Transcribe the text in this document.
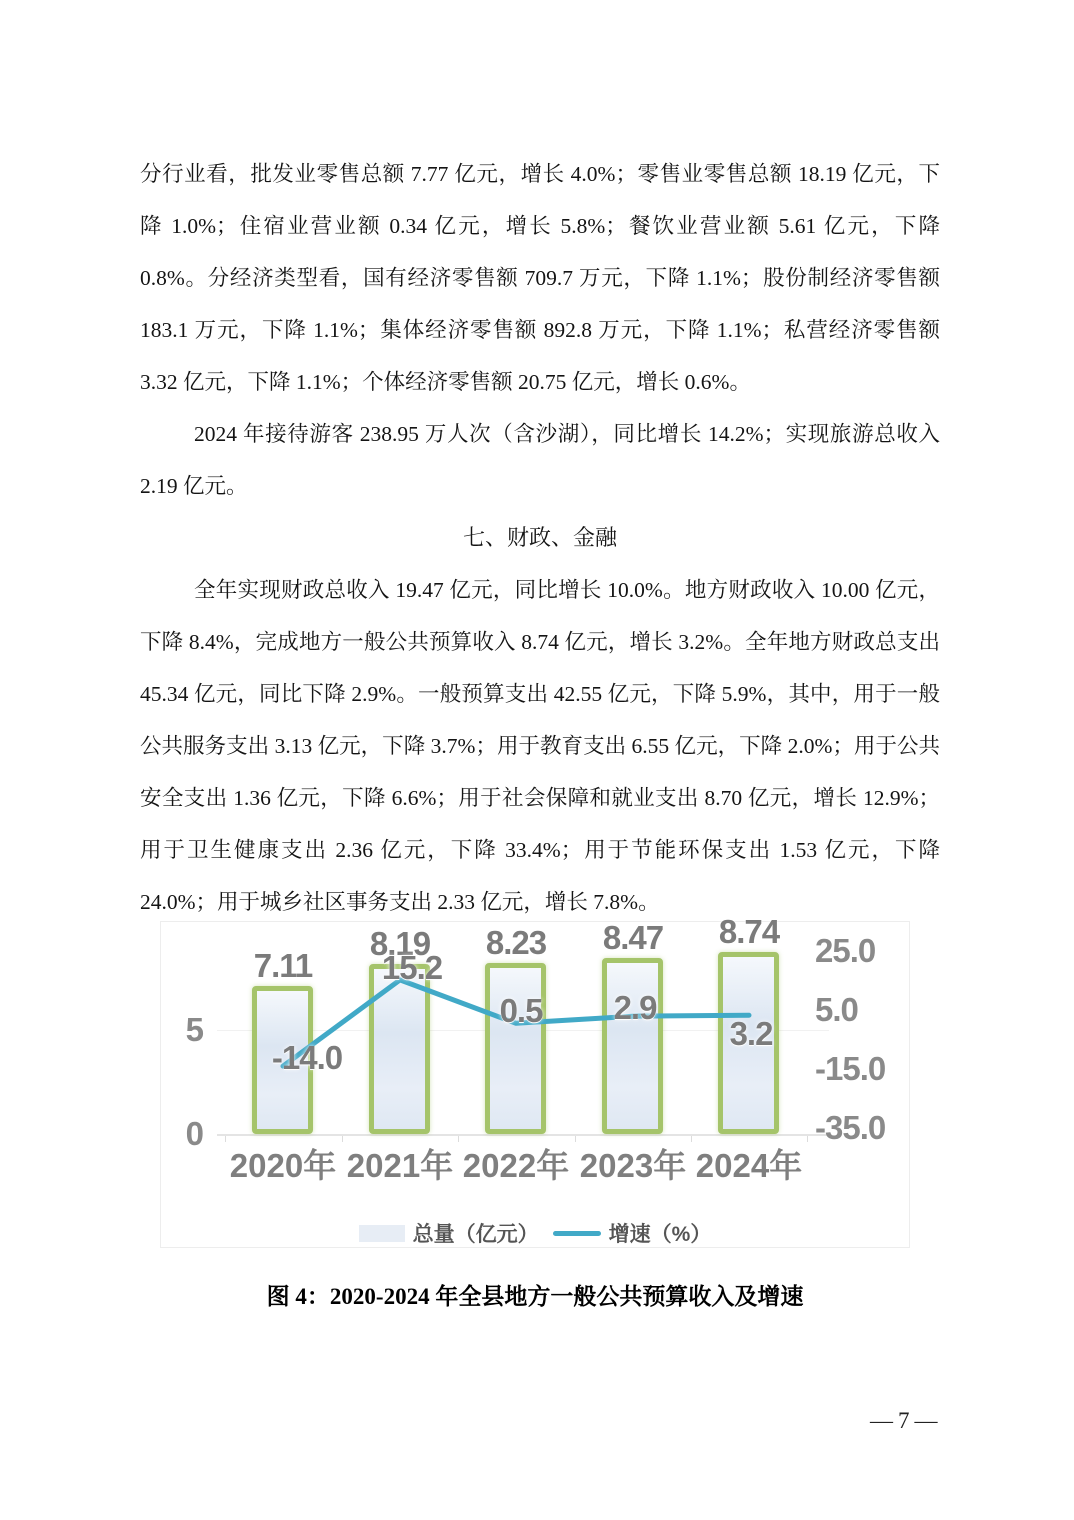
分行业看，批发业零售总额 7.77 亿元，增长 4.0%；零售业零售总额 18.19 亿元，下降 1.0%；住宿业营业额 0.34 亿元，增长 5.8%；餐饮业营业额 5.61 亿元，下降 0.8%。分经济类型看，国有经济零售额 709.7 万元，下降 1.1%；股份制经济零售额 183.1 万元，下降 1.1%；集体经济零售额 892.8 万元，下降 1.1%；私营经济零售额 3.32 亿元，下降 1.1%；个体经济零售额 20.75 亿元，增长 0.6%。

2024 年接待游客 238.95 万人次（含沙湖），同比增长 14.2%；实现旅游总收入 2.19 亿元。

七、财政、金融

全年实现财政总收入 19.47 亿元，同比增长 10.0%。地方财政收入 10.00 亿元，下降 8.4%，完成地方一般公共预算收入 8.74 亿元，增长 3.2%。全年地方财政总支出 45.34 亿元，同比下降 2.9%。一般预算支出 42.55 亿元，下降 5.9%，其中，用于一般公共服务支出 3.13 亿元，下降 3.7%；用于教育支出 6.55 亿元，下降 2.0%；用于公共安全支出 1.36 亿元，下降 6.6%；用于社会保障和就业支出 8.70 亿元，增长 12.9%；用于卫生健康支出 2.36 亿元，下降 33.4%；用于节能环保支出 1.53 亿元，下降 24.0%；用于城乡社区事务支出 2.33 亿元，增长 7.8%。

5
0
25.0
5.0
-15.0
-35.0
7.11
8.19	8.23	8.47	8.74
2020年 2021年 2022年 2023年 2024年
-14.0
15.2
0.5	2.9
3.2
总量（亿元）	增速（%）
图 4：2020-2024 年全县地方一般公共预算收入及增速
—7—
